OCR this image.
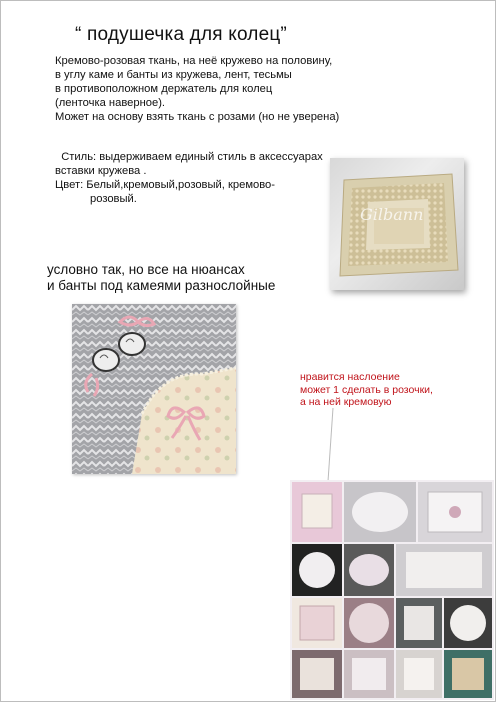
“ подушечка для колец”
Кремово-розовая ткань, на неё кружево на половину,
в углу каме и банты из кружева, лент, тесьмы
в противоположном держатель для колец
(ленточка наверное).
Может на основу взять ткань с розами (но не уверена)
Стиль: выдерживаем единый стиль в аксессуарах
вставки кружева .
Цвет: Белый,кремовый,розовый, кремово-
розовый.
Gilbann
условно так, но все на нюансах
и банты под камеями разнослойные
нравится наслоение
может 1 сделать в розочки,
а на ней кремовую
